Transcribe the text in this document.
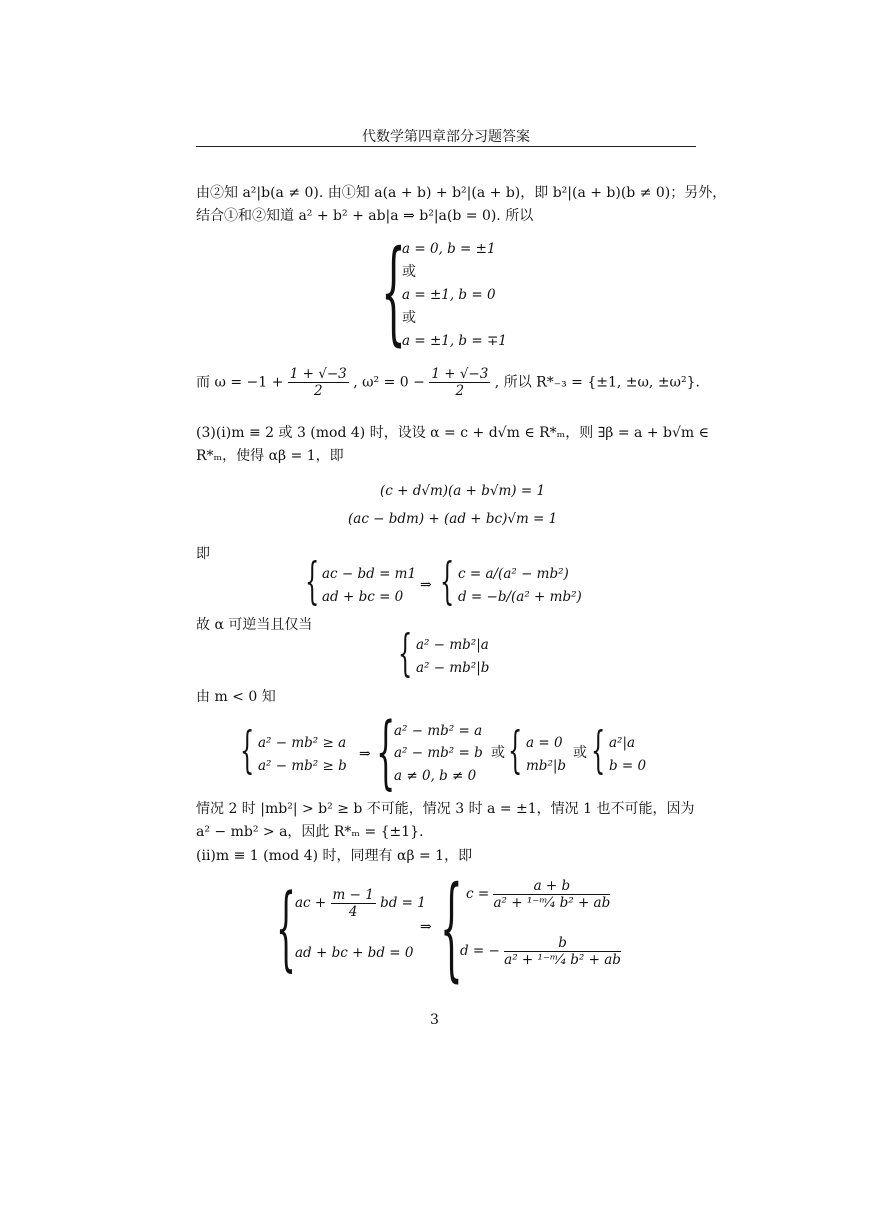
代数学第四章部分习题答案
由②知 a²|b(a ≠ 0). 由①知 a(a + b) + b²|(a + b)，即 b²|(a + b)(b ≠ 0)；另外，
结合①和②知道 a² + b² + ab|a ⇒ b²|a(b = 0). 所以
{
a = 0, b = ±1
或
a = ±1, b = 0
或
a = ±1, b = ∓1
而 $\omega = -1 + \frac{1 + √-3}{2}$ , $\omega^2 = 0 - \frac{1 + √-3}{2}$ , 所以 R*₋₃ = {±1, ±ω, ±ω²}.
(3)(i)m ≡ 2 或 3 (mod 4) 时，设设 α = c + d√m ∈ R*ₘ，则 ∃β = a + b√m ∈
R*ₘ，使得 αβ = 1，即
(c + d√m)(a + b√m) = 1
(ac − bdm) + (ad + bc)√m = 1
即 { ac − bd = m1
ad + bc = 0
⇒ { c = a/(a² − mb²)
d = −b/(a² + mb²)
故 α 可逆当且仅当 { a² − mb²|a
a² − mb²|b
由 m < 0 知
{ a² − mb² ≥ a
a² − mb² ≥ b
⇒ {
a² − mb² = a
a² − mb² = b
a ≠ 0, b ≠ 0
或 { a = 0
mb²|b
或 { a²|a
b = 0
情况 2 时 |mb²| > b² ≥ b 不可能，情况 3 时 a = ±1，情况 1 也不可能，因为
a² − mb² > a，因此 R*ₘ = {±1}.
(ii)m ≡ 1 (mod 4) 时，同理有 αβ = 1，即
{ ac + $\frac{m - 1}{4}$ bd = 1
ad + bc + bd = 0
⇒ { $c = \frac{a + b}{\text{a² + ¹⁻ᵐ⁄₄ b² + ab}}$
d = − $\frac{b}{\text{a² + ¹⁻ᵐ⁄₄ b² + ab}}$
3
